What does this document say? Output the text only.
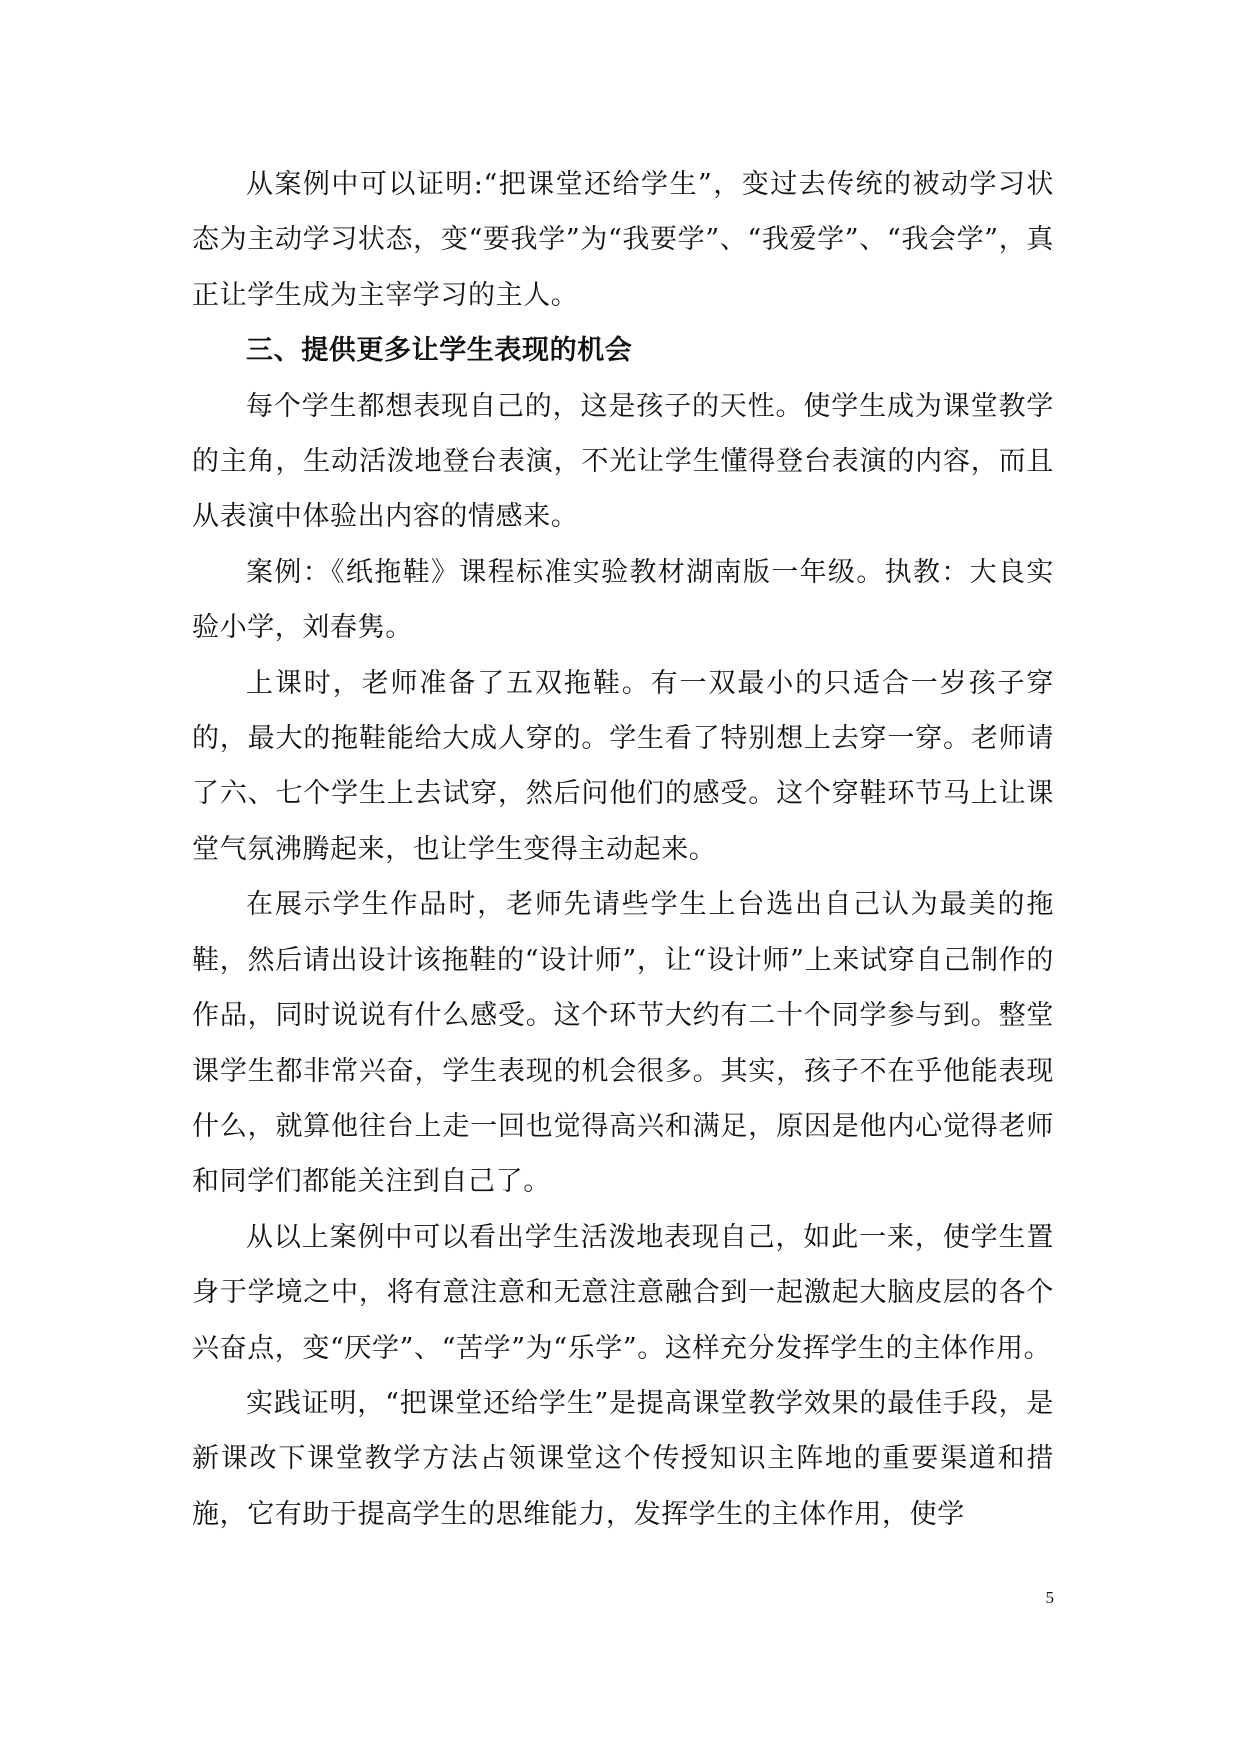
从案例中可以证明:“把课堂还给学生”，变过去传统的被动学习状态为主动学习状态，变“要我学”为“我要学”、“我爱学”、“我会学”，真正让学生成为主宰学习的主人。

三、提供更多让学生表现的机会

每个学生都想表现自己的，这是孩子的天性。使学生成为课堂教学的主角，生动活泼地登台表演，不光让学生懂得登台表演的内容，而且从表演中体验出内容的情感来。

案例：《纸拖鞋》课程标准实验教材湖南版一年级。执教：大良实验小学，刘春隽。

上课时，老师准备了五双拖鞋。有一双最小的只适合一岁孩子穿的，最大的拖鞋能给大成人穿的。学生看了特别想上去穿一穿。老师请了六、七个学生上去试穿，然后问他们的感受。这个穿鞋环节马上让课堂气氛沸腾起来，也让学生变得主动起来。

在展示学生作品时，老师先请些学生上台选出自己认为最美的拖鞋，然后请出设计该拖鞋的“设计师”，让“设计师”上来试穿自己制作的作品，同时说说有什么感受。这个环节大约有二十个同学参与到。整堂课学生都非常兴奋，学生表现的机会很多。其实，孩子不在乎他能表现什么，就算他往台上走一回也觉得高兴和满足，原因是他内心觉得老师和同学们都能关注到自己了。

从以上案例中可以看出学生活泼地表现自己，如此一来，使学生置身于学境之中，将有意注意和无意注意融合到一起激起大脑皮层的各个兴奋点，变“厌学”、“苦学”为“乐学”。这样充分发挥学生的主体作用。

实践证明，“把课堂还给学生”是提高课堂教学效果的最佳手段，是新课改下课堂教学方法占领课堂这个传授知识主阵地的重要渠道和措施，它有助于提高学生的思维能力，发挥学生的主体作用，使学

5
